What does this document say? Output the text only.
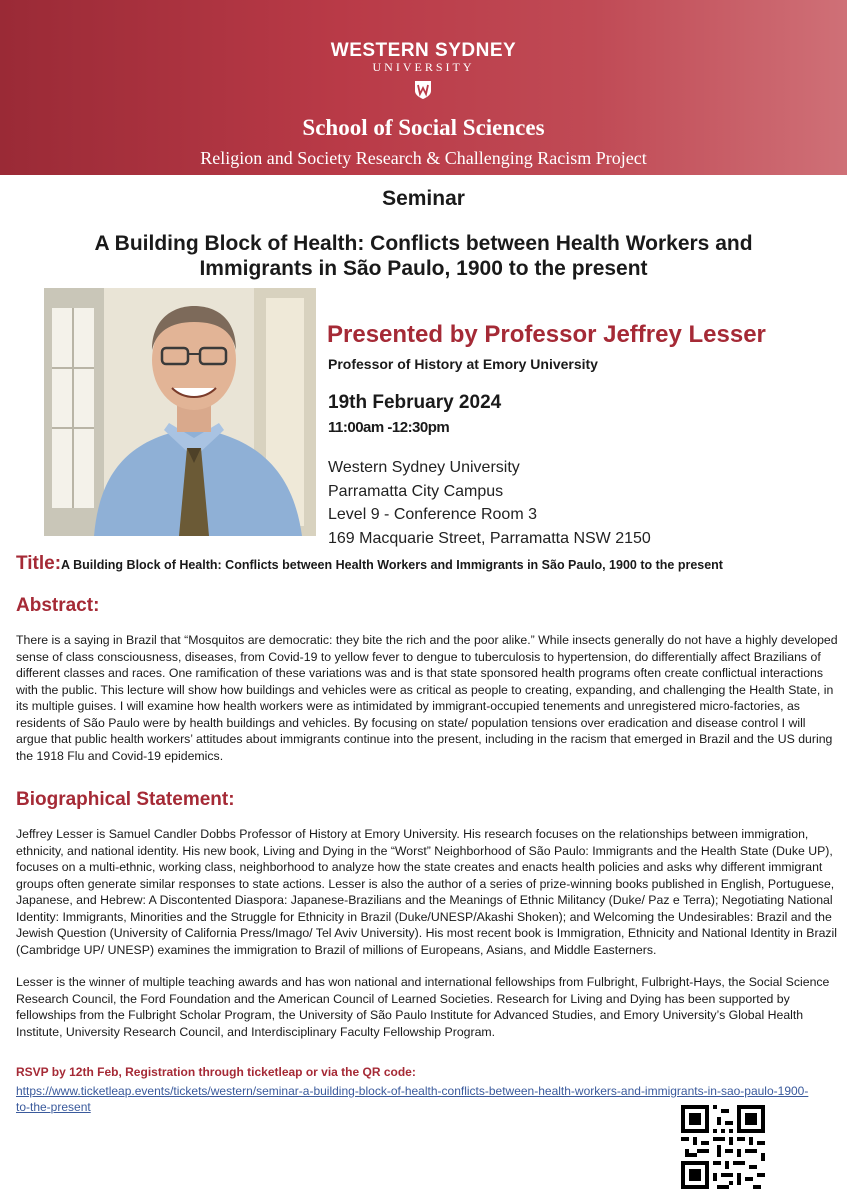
WESTERN SYDNEY
UNIVERSITY
School of Social Sciences
Religion and Society Research & Challenging Racism Project
Seminar
A Building Block of Health: Conflicts between Health Workers and Immigrants in São Paulo, 1900 to the present
Presented by Professor Jeffrey Lesser
Professor of History at Emory University
19th February 2024
11:00am -12:30pm
Western Sydney University
Parramatta City Campus
Level 9 - Conference Room 3
169 Macquarie Street, Parramatta NSW 2150
Title:A Building Block of Health: Conflicts between Health Workers and Immigrants in São Paulo, 1900 to the present
Abstract:
There is a saying in Brazil that “Mosquitos are democratic: they bite the rich and the poor alike.” While insects generally do not have a highly developed sense of class consciousness, diseases, from Covid-19 to yellow fever to dengue to tuberculosis to hypertension, do differentially affect Brazilians of different classes and races. One ramification of these variations was and is that state sponsored health programs often create conflictual interactions with the public. This lecture will show how buildings and vehicles were as critical as people to creating, expanding, and challenging the Health State, in its multiple guises. I will examine how health workers were as intimidated by immigrant-occupied tenements and unregistered micro-factories, as residents of São Paulo were by health buildings and vehicles. By focusing on state/ population tensions over eradication and disease control I will argue that public health workers’ attitudes about immigrants continue into the present, including in the racism that emerged in Brazil and the US during the 1918 Flu and Covid-19 epidemics.
Biographical Statement:
Jeffrey Lesser is Samuel Candler Dobbs Professor of History at Emory University. His research focuses on the relationships between immigration, ethnicity, and national identity. His new book, Living and Dying in the “Worst” Neighborhood of São Paulo: Immigrants and the Health State (Duke UP), focuses on a multi-ethnic, working class, neighborhood to analyze how the state creates and enacts health policies and asks why different immigrant groups often generate similar responses to state actions. Lesser is also the author of a series of prize-winning books published in English, Portuguese, Japanese, and Hebrew: A Discontented Diaspora: Japanese-Brazilians and the Meanings of Ethnic Militancy (Duke/ Paz e Terra); Negotiating National Identity: Immigrants, Minorities and the Struggle for Ethnicity in Brazil (Duke/UNESP/Akashi Shoken); and Welcoming the Undesirables: Brazil and the Jewish Question (University of California Press/Imago/ Tel Aviv University). His most recent book is Immigration, Ethnicity and National Identity in Brazil (Cambridge UP/ UNESP) examines the immigration to Brazil of millions of Europeans, Asians, and Middle Easterners.
Lesser is the winner of multiple teaching awards and has won national and international fellowships from Fulbright, Fulbright-Hays, the Social Science Research Council, the Ford Foundation and the American Council of Learned Societies. Research for Living and Dying has been supported by fellowships from the Fulbright Scholar Program, the University of São Paulo Institute for Advanced Studies, and Emory University’s Global Health Institute, University Research Council, and Interdisciplinary Faculty Fellowship Program.
RSVP by 12th Feb, Registration through ticketleap or via the QR code:
https://www.ticketleap.events/tickets/western/seminar-a-building-block-of-health-conflicts-between-health-workers-and-immigrants-in-sao-paulo-1900-to-the-present
